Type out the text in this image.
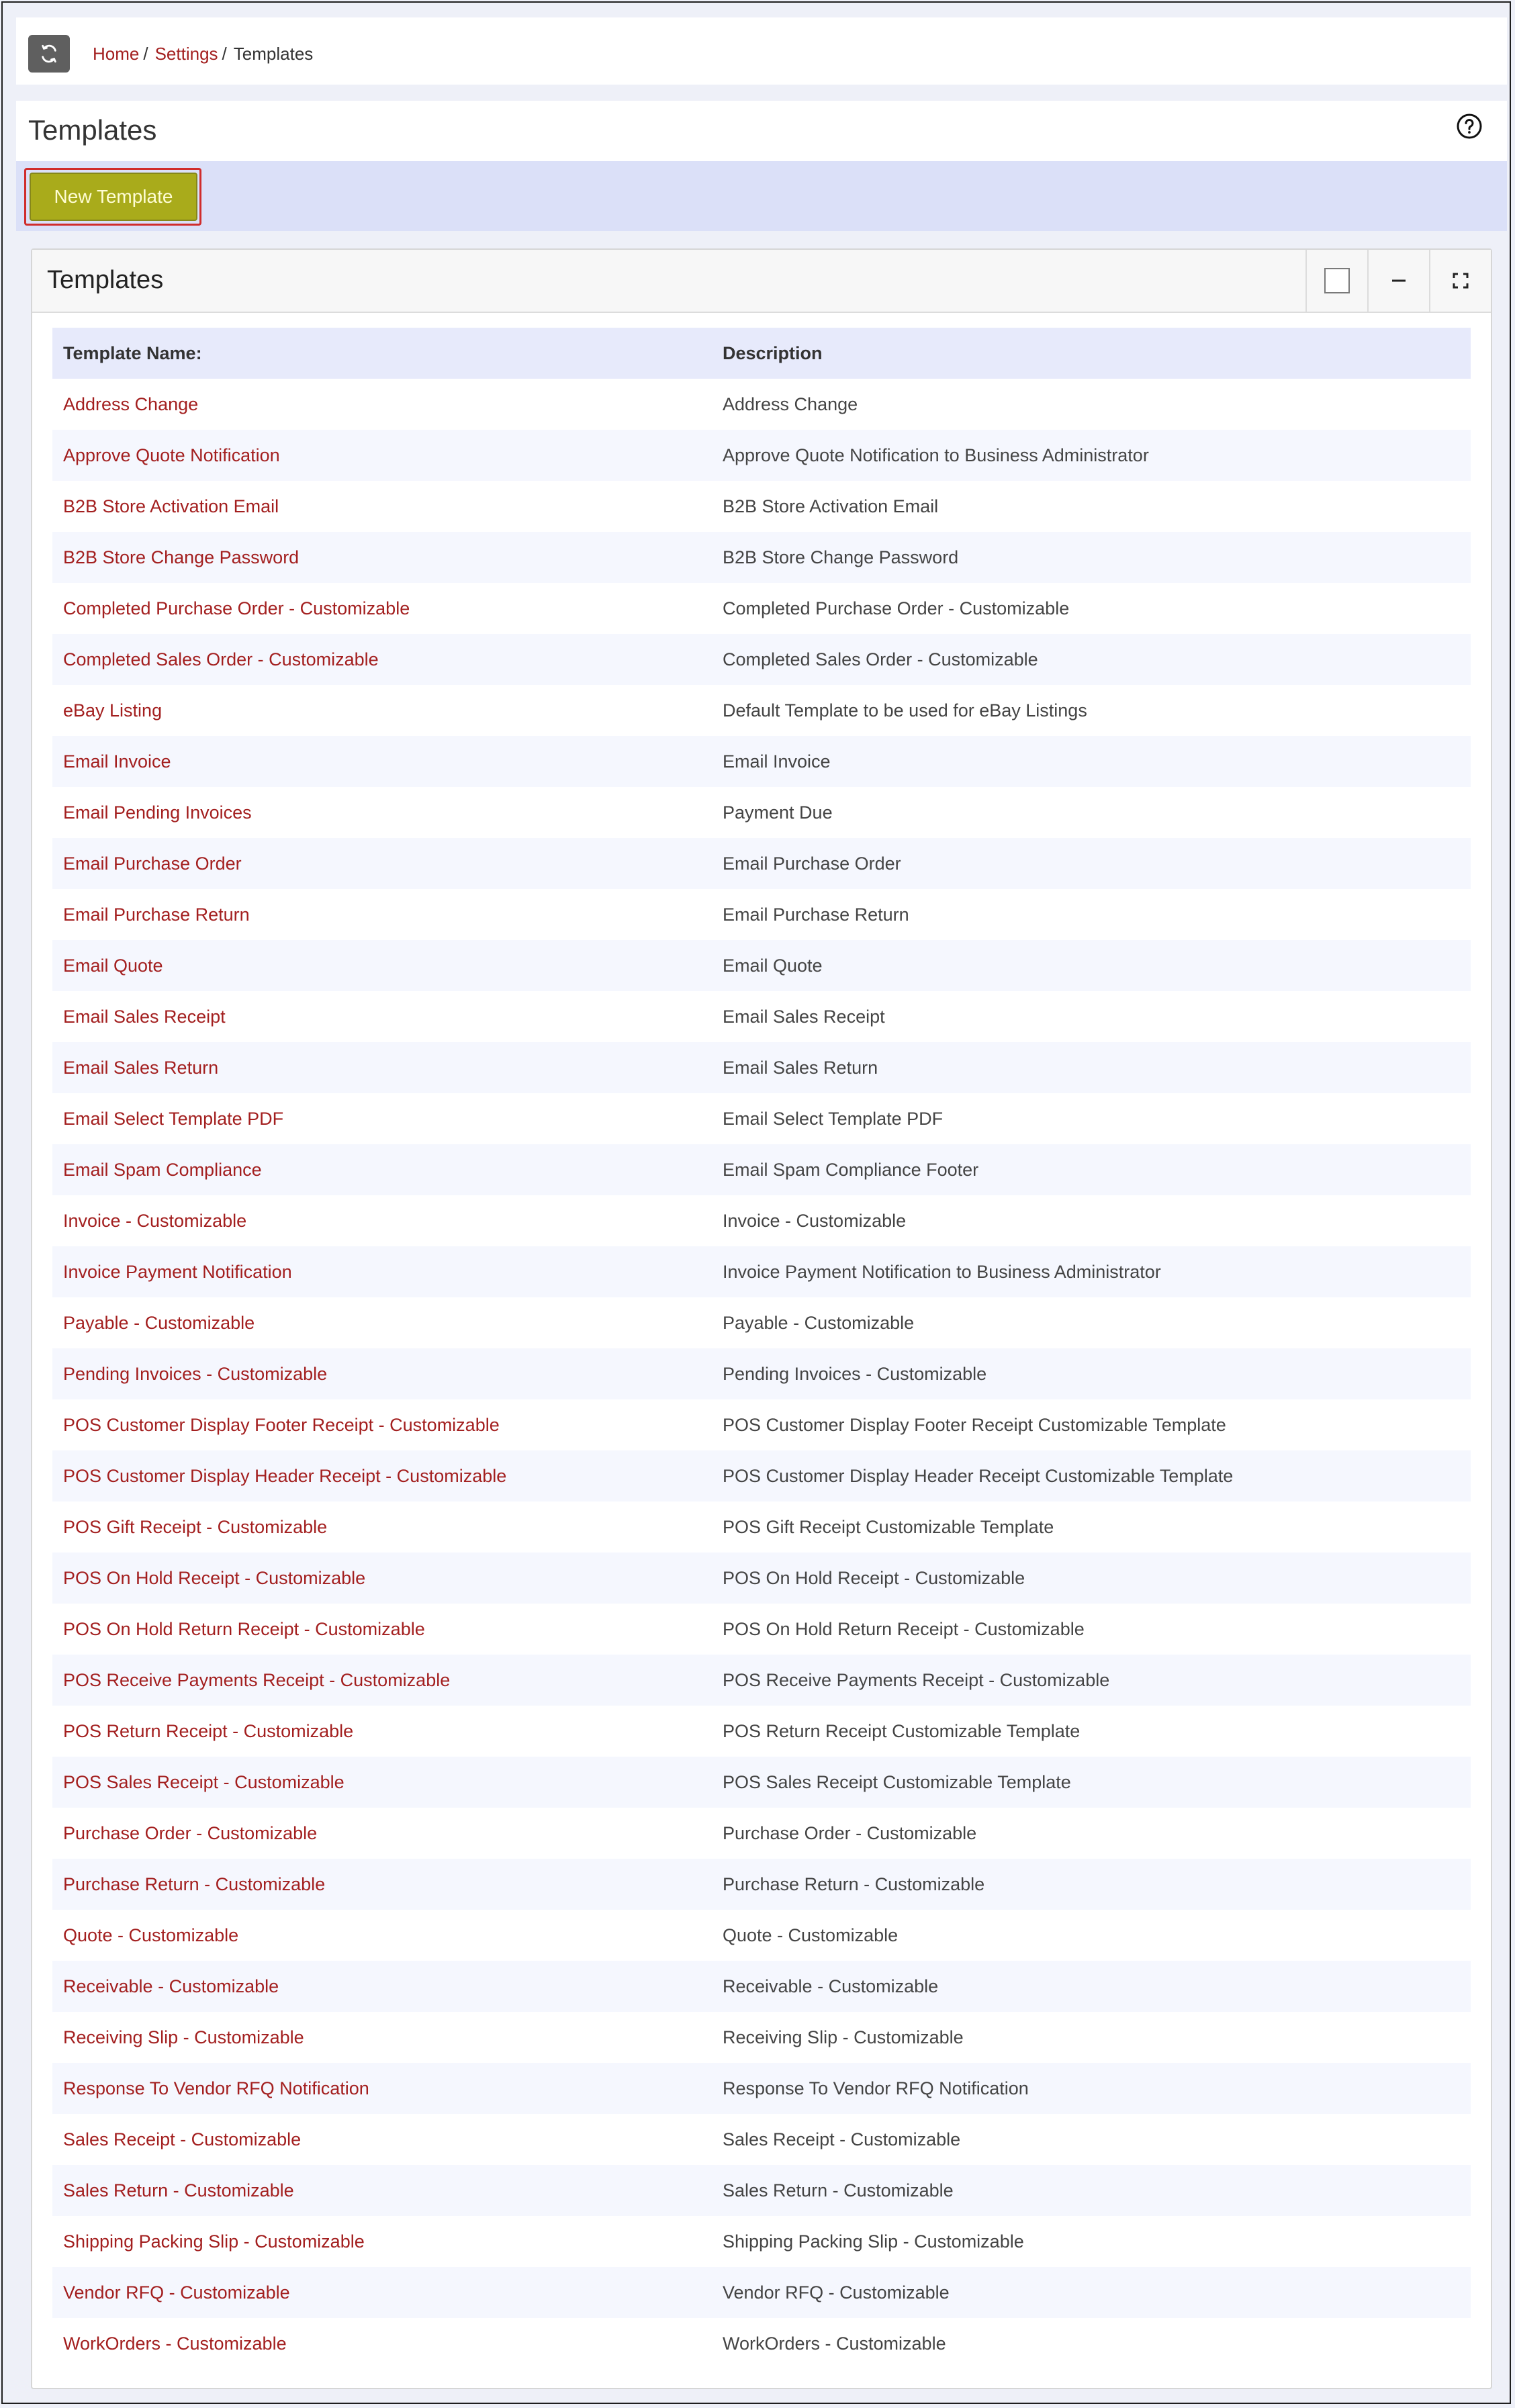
Home / Settings / Templates
Templates
New Template
Templates
Template Name:	Description
Address Change	Address Change
Approve Quote Notification	Approve Quote Notification to Business Administrator
B2B Store Activation Email	B2B Store Activation Email
B2B Store Change Password	B2B Store Change Password
Completed Purchase Order - Customizable	Completed Purchase Order - Customizable
Completed Sales Order - Customizable	Completed Sales Order - Customizable
eBay Listing	Default Template to be used for eBay Listings
Email Invoice	Email Invoice
Email Pending Invoices	Payment Due
Email Purchase Order	Email Purchase Order
Email Purchase Return	Email Purchase Return
Email Quote	Email Quote
Email Sales Receipt	Email Sales Receipt
Email Sales Return	Email Sales Return
Email Select Template PDF	Email Select Template PDF
Email Spam Compliance	Email Spam Compliance Footer
Invoice - Customizable	Invoice - Customizable
Invoice Payment Notification	Invoice Payment Notification to Business Administrator
Payable - Customizable	Payable - Customizable
Pending Invoices - Customizable	Pending Invoices - Customizable
POS Customer Display Footer Receipt - Customizable	POS Customer Display Footer Receipt Customizable Template
POS Customer Display Header Receipt - Customizable	POS Customer Display Header Receipt Customizable Template
POS Gift Receipt - Customizable	POS Gift Receipt Customizable Template
POS On Hold Receipt - Customizable	POS On Hold Receipt - Customizable
POS On Hold Return Receipt - Customizable	POS On Hold Return Receipt - Customizable
POS Receive Payments Receipt - Customizable	POS Receive Payments Receipt - Customizable
POS Return Receipt - Customizable	POS Return Receipt Customizable Template
POS Sales Receipt - Customizable	POS Sales Receipt Customizable Template
Purchase Order - Customizable	Purchase Order - Customizable
Purchase Return - Customizable	Purchase Return - Customizable
Quote - Customizable	Quote - Customizable
Receivable - Customizable	Receivable - Customizable
Receiving Slip - Customizable	Receiving Slip - Customizable
Response To Vendor RFQ Notification	Response To Vendor RFQ Notification
Sales Receipt - Customizable	Sales Receipt - Customizable
Sales Return - Customizable	Sales Return - Customizable
Shipping Packing Slip - Customizable	Shipping Packing Slip - Customizable
Vendor RFQ - Customizable	Vendor RFQ - Customizable
WorkOrders - Customizable	WorkOrders - Customizable
